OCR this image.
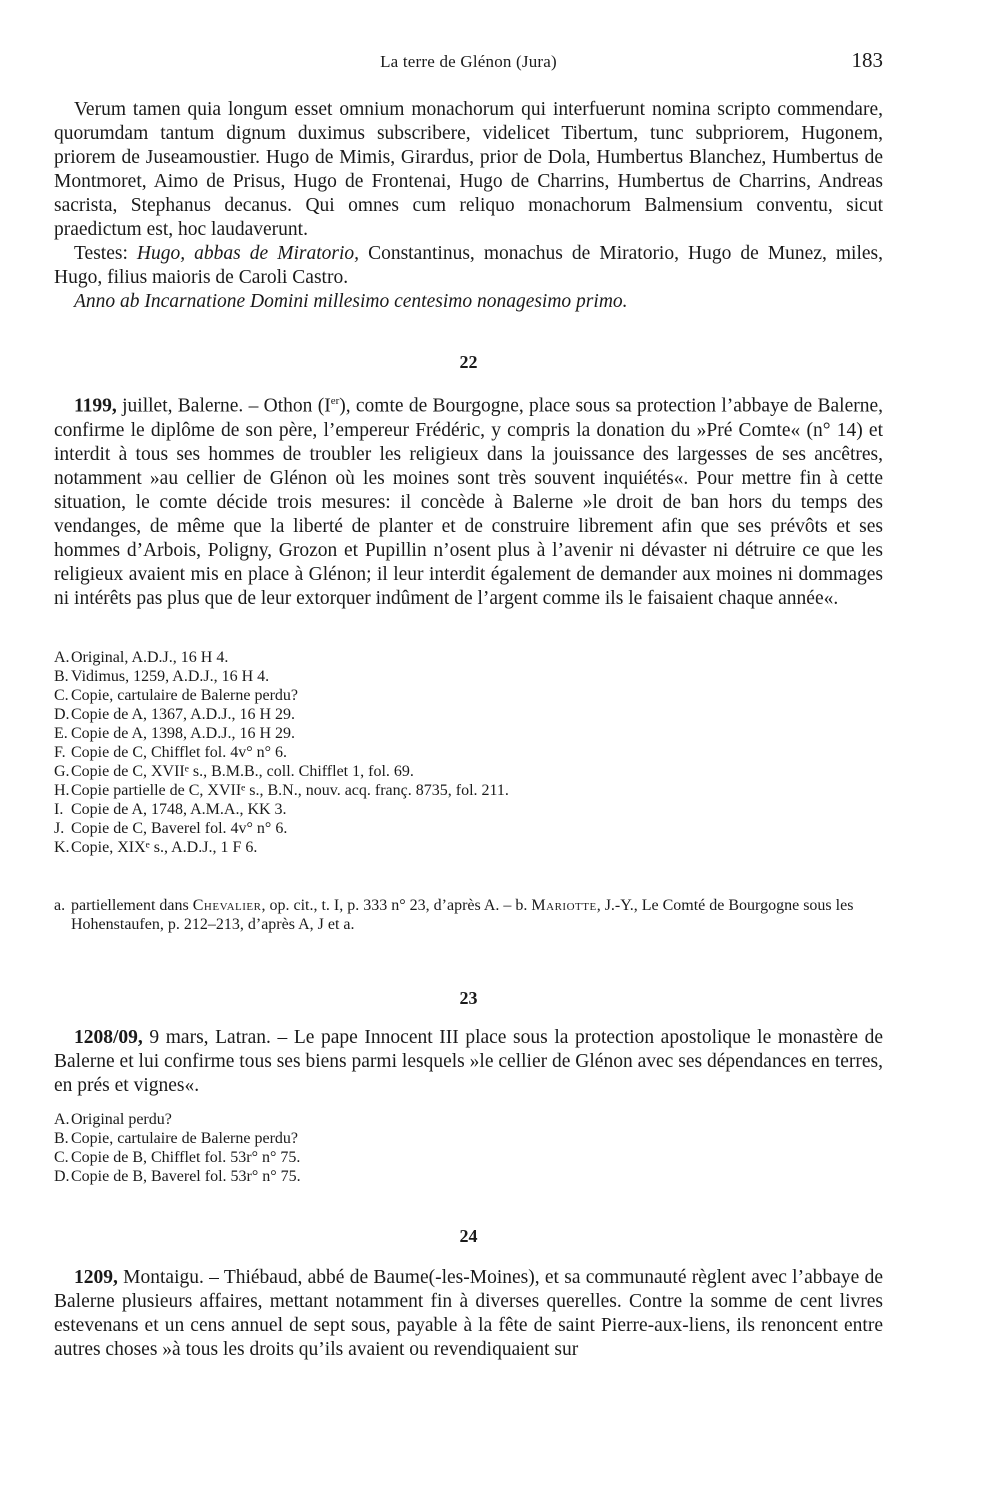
La terre de Glénon (Jura)	183

Verum tamen quia longum esset omnium monachorum qui interfuerunt nomina scripto commendare, quorumdam tantum dignum duximus subscribere, videlicet Tibertum, tunc subpriorem, Hugonem, priorem de Juseamoustier. Hugo de Mimis, Girardus, prior de Dola, Humbertus Blanchez, Humbertus de Montmoret, Aimo de Prisus, Hugo de Frontenai, Hugo de Charrins, Humbertus de Charrins, Andreas sacrista, Stephanus decanus. Qui omnes cum reliquo monachorum Balmensium conventu, sicut praedictum est, hoc laudaverunt.

Testes: Hugo, abbas de Miratorio, Constantinus, monachus de Miratorio, Hugo de Munez, miles, Hugo, filius maioris de Caroli Castro.

Anno ab Incarnatione Domini millesimo centesimo nonagesimo primo.

22

1199, juillet, Balerne. – Othon (Ier), comte de Bourgogne, place sous sa protection l’abbaye de Balerne, confirme le diplôme de son père, l’empereur Frédéric, y compris la donation du »Pré Comte« (n° 14) et interdit à tous ses hommes de troubler les religieux dans la jouissance des largesses de ses ancêtres, notamment »au cellier de Glénon où les moines sont très souvent inquiétés«. Pour mettre fin à cette situation, le comte décide trois mesures: il concède à Balerne »le droit de ban hors du temps des vendanges, de même que la liberté de planter et de construire librement afin que ses prévôts et ses hommes d’Arbois, Poligny, Grozon et Pupillin n’osent plus à l’avenir ni dévaster ni détruire ce que les religieux avaient mis en place à Glénon; il leur interdit également de demander aux moines ni dommages ni intérêts pas plus que de leur extorquer indûment de l’argent comme ils le faisaient chaque année«.

A. Original, A.D.J., 16 H 4.
B. Vidimus, 1259, A.D.J., 16 H 4.
C. Copie, cartulaire de Balerne perdu?
D. Copie de A, 1367, A.D.J., 16 H 29.
E. Copie de A, 1398, A.D.J., 16 H 29.
F. Copie de C, Chifflet fol. 4v° n° 6.
G. Copie de C, XVIIᵉ s., B.M.B., coll. Chifflet 1, fol. 69.
H. Copie partielle de C, XVIIᵉ s., B.N., nouv. acq. franç. 8735, fol. 211.
I. Copie de A, 1748, A.M.A., KK 3.
J. Copie de C, Baverel fol. 4v° n° 6.
K. Copie, XIXᵉ s., A.D.J., 1 F 6.
a. partiellement dans Chevalier, op. cit., t. I, p. 333 n° 23, d’après A. – b. Mariotte, J.-Y., Le Comté de Bourgogne sous les Hohenstaufen, p. 212–213, d’après A, J et a.
23

1208/09, 9 mars, Latran. – Le pape Innocent III place sous la protection apostolique le monastère de Balerne et lui confirme tous ses biens parmi lesquels »le cellier de Glénon avec ses dépendances en terres, en prés et vignes«.

A. Original perdu?
B. Copie, cartulaire de Balerne perdu?
C. Copie de B, Chifflet fol. 53r° n° 75.
D. Copie de B, Baverel fol. 53r° n° 75.
24

1209, Montaigu. – Thiébaud, abbé de Baume(-les-Moines), et sa communauté règlent avec l’abbaye de Balerne plusieurs affaires, mettant notamment fin à diverses querelles. Contre la somme de cent livres estevenans et un cens annuel de sept sous, payable à la fête de saint Pierre-aux-liens, ils renoncent entre autres choses »à tous les droits qu’ils avaient ou revendiquaient sur
